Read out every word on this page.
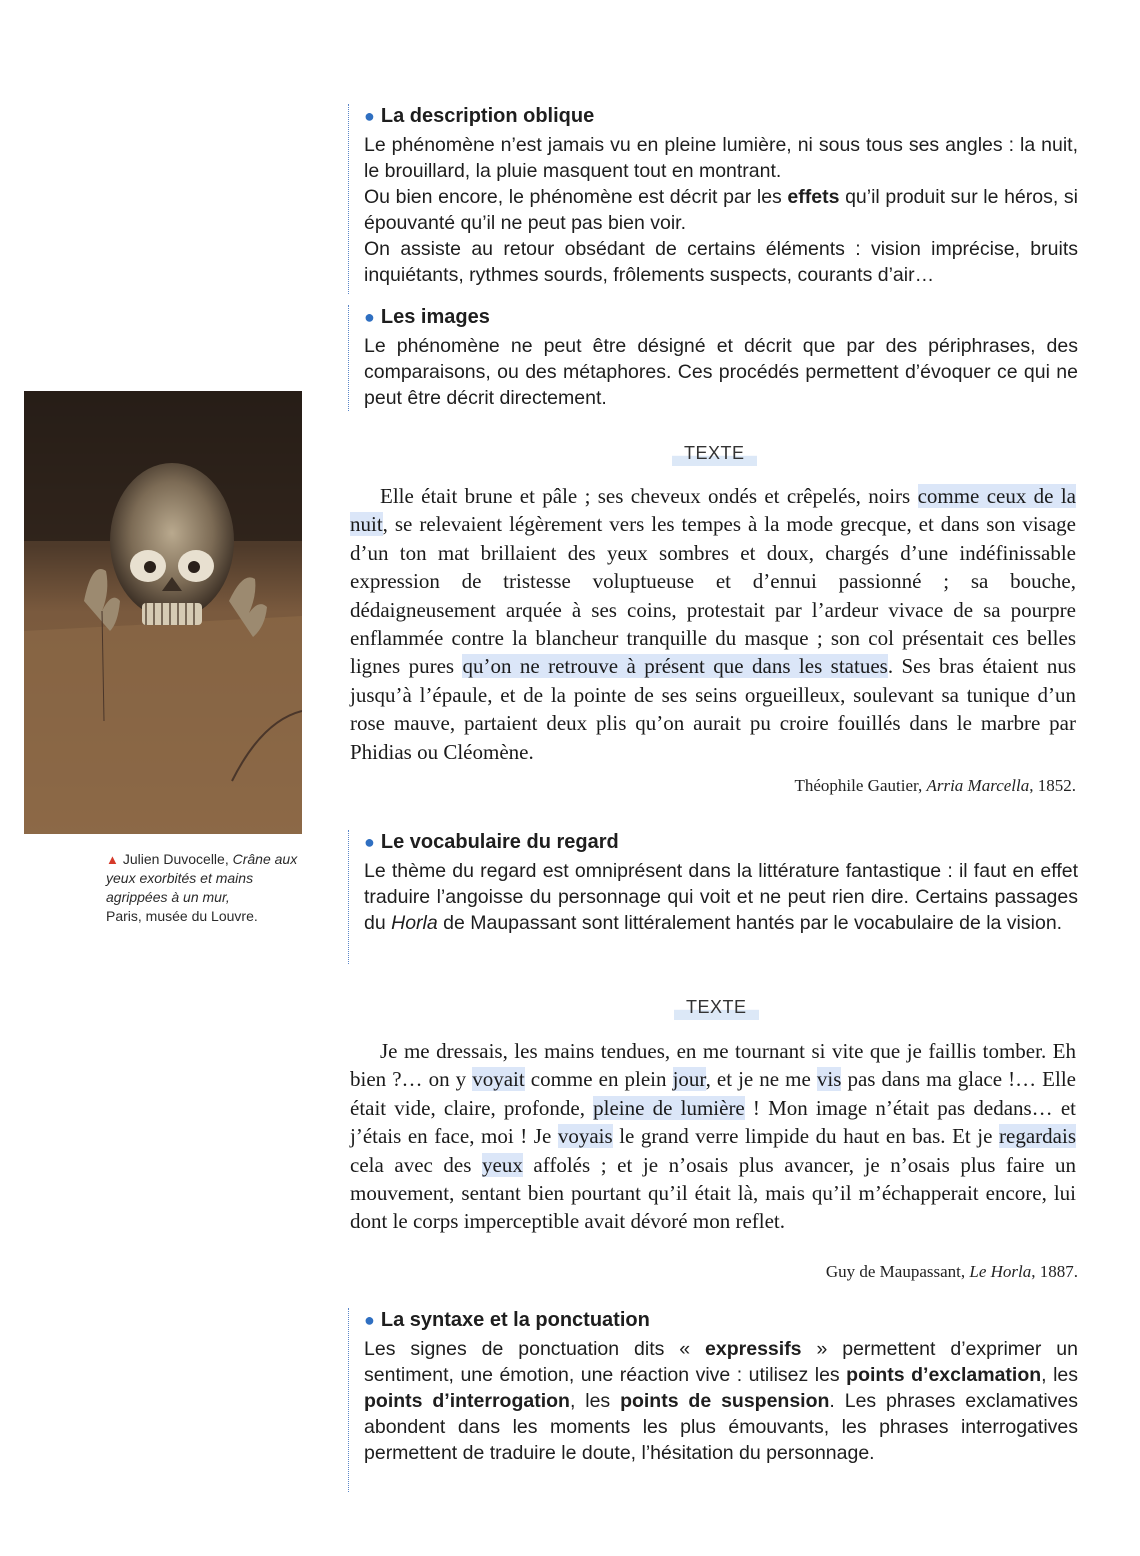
● La description oblique

Le phénomène n’est jamais vu en pleine lumière, ni sous tous ses angles : la nuit, le brouillard, la pluie masquent tout en montrant.

Ou bien encore, le phénomène est décrit par les effets qu’il produit sur le héros, si épouvanté qu’il ne peut pas bien voir.

On assiste au retour obsédant de certains éléments : vision imprécise, bruits inquiétants, rythmes sourds, frôlements suspects, courants d’air…

● Les images

Le phénomène ne peut être désigné et décrit que par des périphrases, des comparaisons, ou des métaphores. Ces procédés permettent d’évoquer ce qui ne peut être décrit directement.

TEXTE

Elle était brune et pâle ; ses cheveux ondés et crêpelés, noirs comme ceux de la nuit, se relevaient légèrement vers les tempes à la mode grecque, et dans son visage d’un ton mat brillaient des yeux sombres et doux, chargés d’une indéfinissable expression de tristesse voluptueuse et d’ennui passionné ; sa bouche, dédaigneusement arquée à ses coins, protestait par l’ardeur vivace de sa pourpre enflammée contre la blancheur tranquille du masque ; son col présentait ces belles lignes pures qu’on ne retrouve à présent que dans les statues. Ses bras étaient nus jusqu’à l’épaule, et de la pointe de ses seins orgueilleux, soulevant sa tunique d’un rose mauve, partaient deux plis qu’on aurait pu croire fouillés dans le marbre par Phidias ou Cléomène.

Théophile Gautier, Arria Marcella, 1852.
▲ Julien Duvocelle, Crâne aux yeux exorbités et mains agrippées à un mur,
Paris, musée du Louvre.
● Le vocabulaire du regard

Le thème du regard est omniprésent dans la littérature fantastique : il faut en effet traduire l’angoisse du personnage qui voit et ne peut rien dire. Certains passages du Horla de Maupassant sont littéralement hantés par le vocabulaire de la vision.

TEXTE

Je me dressais, les mains tendues, en me tournant si vite que je faillis tomber. Eh bien ?… on y voyait comme en plein jour, et je ne me vis pas dans ma glace !… Elle était vide, claire, profonde, pleine de lumière ! Mon image n’était pas dedans… et j’étais en face, moi ! Je voyais le grand verre limpide du haut en bas. Et je regardais cela avec des yeux affolés ; et je n’osais plus avancer, je n’osais plus faire un mouvement, sentant bien pourtant qu’il était là, mais qu’il m’échapperait encore, lui dont le corps imperceptible avait dévoré mon reflet.

Guy de Maupassant, Le Horla, 1887.
● La syntaxe et la ponctuation

Les signes de ponctuation dits « expressifs » permettent d’exprimer un sentiment, une émotion, une réaction vive : utilisez les points d’exclamation, les points d’interrogation, les points de suspension. Les phrases exclamatives abondent dans les moments les plus émouvants, les phrases interrogatives permettent de traduire le doute, l’hésitation du personnage.
